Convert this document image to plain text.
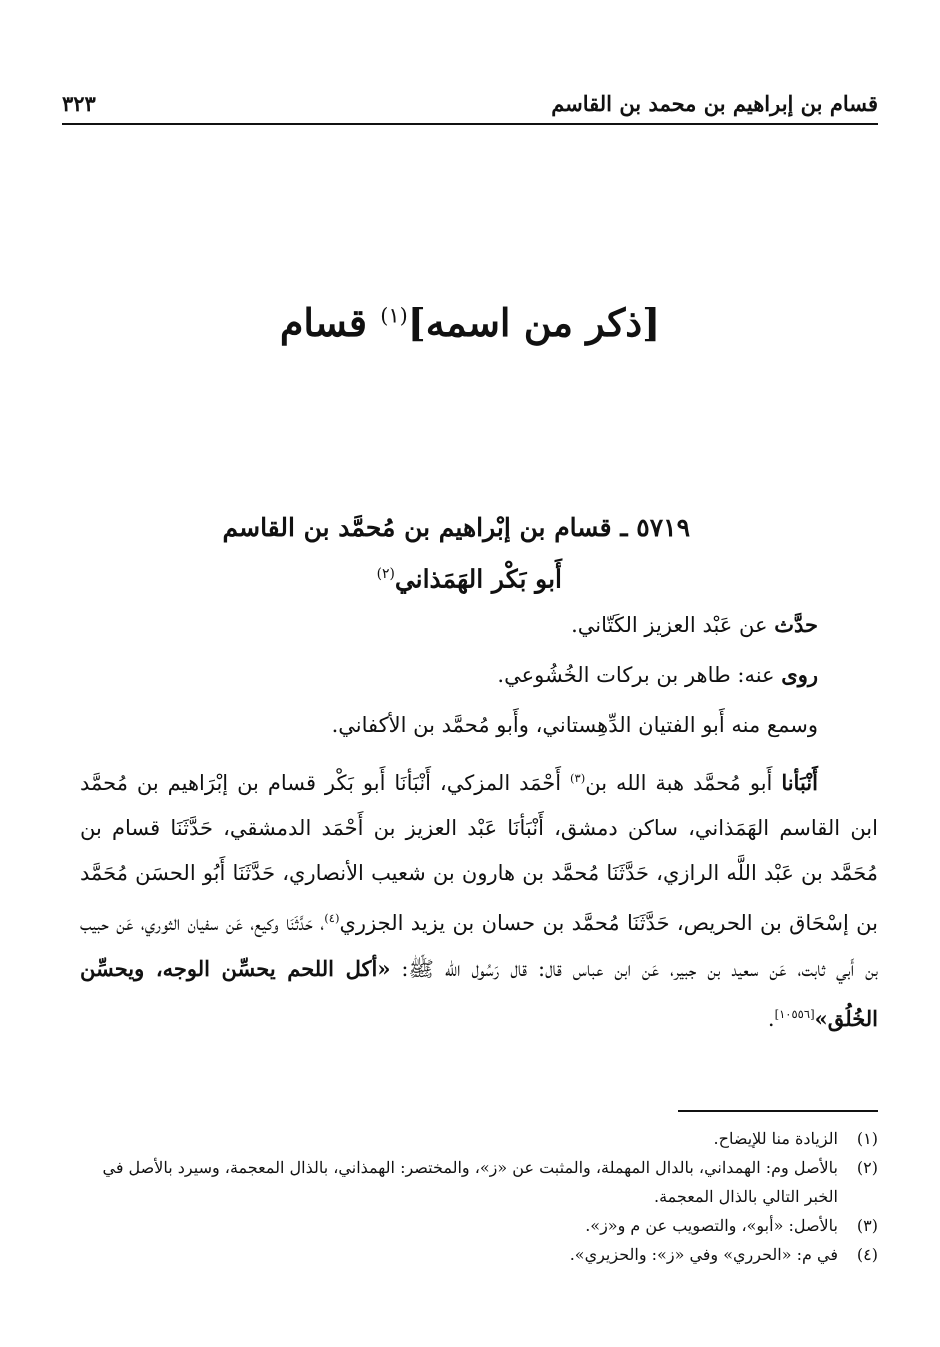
قسام بن إبراهيم بن محمد بن القاسم
٣٢٣
[ذكر من اسمه]$^{(١)}$ قسام
٥٧١٩ ـ قسام بن إبْراهيم بن مُحمَّد بن القاسم
أَبو بَكْر الهَمَذاني$^{(٢)}$

حدَّث عن عَبْد العزيز الكَتّاني.

روى عنه: طاهر بن بركات الخُشُوعي.

وسمع منه أَبو الفتيان الدِّهِستاني، وأَبو مُحمَّد بن الأكفاني.

أَنْبَأنا أَبو مُحمَّد هبة الله بن$^{(٣)}$ أَحْمَد المزكي، أَنْبَأنَا أَبو بَكْر قسام بن إبْرَاهيم بن مُحمَّد ابن القاسم الهَمَذاني، ساكن دمشق، أَنْبَأنَا عَبْد العزيز بن أَحْمَد الدمشقي، حَدَّثَنَا قسام بن مُحَمَّد بن عَبْد اللَّه الرازي، حَدَّثَنَا مُحمَّد بن هارون بن شعيب الأنصاري، حَدَّثَنَا أَبُو الحسَن مُحَمَّد بن إسْحَاق بن الحريص، حَدَّثَنَا مُحمَّد بن حسان بن يزيد الجزري$^{(٤)}$، حَدَّثَنَا وكيع، عَن سفيان الثوري، عَن حبيب بن أَبي ثابت، عَن سعيد بن جبير، عَن ابن عباس قال: قال رَسُول الله ﷺ: «أكل اللحم يحسِّن الوجه، ويحسِّن الخُلُق»[١٠٥٥٦].

(١)
الزيادة منا للإيضاح.
(٢)
بالأصل وم: الهمداني، بالدال المهملة، والمثبت عن «ز»، والمختصر: الهمذاني، بالذال المعجمة، وسيرد بالأصل في الخبر التالي بالذال المعجمة.
(٣)
بالأصل: «أبو»، والتصويب عن م و«ز».
(٤)
في م: «الحرري» وفي «ز»: والحزيري».
